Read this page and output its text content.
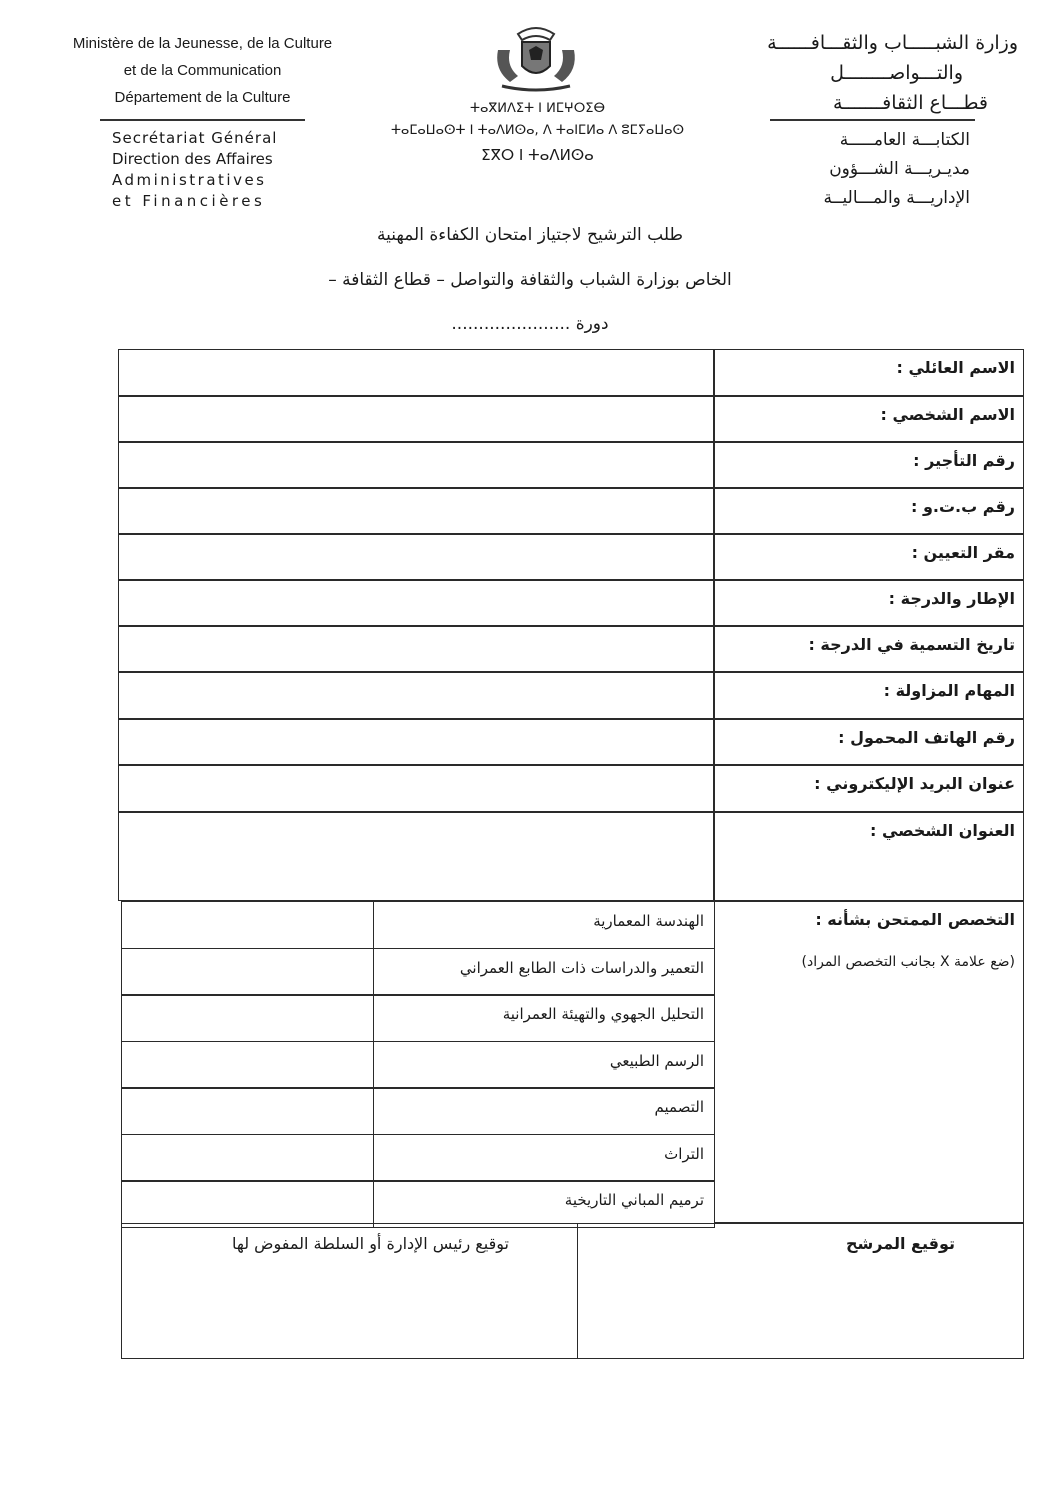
Ministère de la Jeunesse, de la Culture
et de la Communication
Département de la Culture
Secrétariat Général
Direction des Affaires
Administratives
et Financières
ⵜⴰⴳⵍⴷⵉⵜ ⵏ ⵍⵎⵖⵔⵉⴱ
ⵜⴰⵎⴰⵡⴰⵙⵜ ⵏ ⵜⴰⴷⵍⵙⴰ, ⴷ ⵜⴰⵏⵎⵍⴰ ⴷ ⵓⵎⵢⴰⵡⴰⵙ
ⵉⴳⵔ ⵏ ⵜⴰⴷⵍⵙⴰ
وزارة الشبـــــاب والثقـــافــــــة
والتـــواصــــــــل
قطـــاع الثقافـــــــة
الكتابـــة العامـــــة
مديـريـــة الشـــؤون
الإداريـــة والمـــاليــة
طلب الترشيح لاجتياز امتحان الكفاءة المهنية
الخاص بوزارة الشباب والثقافة والتواصل – قطاع الثقافة –
دورة ......................
الاسم العائلي :
الاسم الشخصي :
رقم التأجير :
رقم ب.ت.و :
مقر التعيين :
الإطار والدرجة :
تاريخ التسمية في الدرجة :
المهام المزاولة :
رقم الهاتف المحمول :
عنوان البريد الإليكتروني :
العنوان الشخصي :
التخصص الممتحن بشأنه :
(ضع علامة X بجانب التخصص المراد)
الهندسة المعمارية
التعمير والدراسات ذات الطابع العمراني
التحليل الجهوي والتهيئة العمرانية
الرسم الطبيعي
التصميم
التراث
ترميم المباني التاريخية
توقيع المرشح
توقيع رئيس الإدارة أو السلطة المفوض لها
